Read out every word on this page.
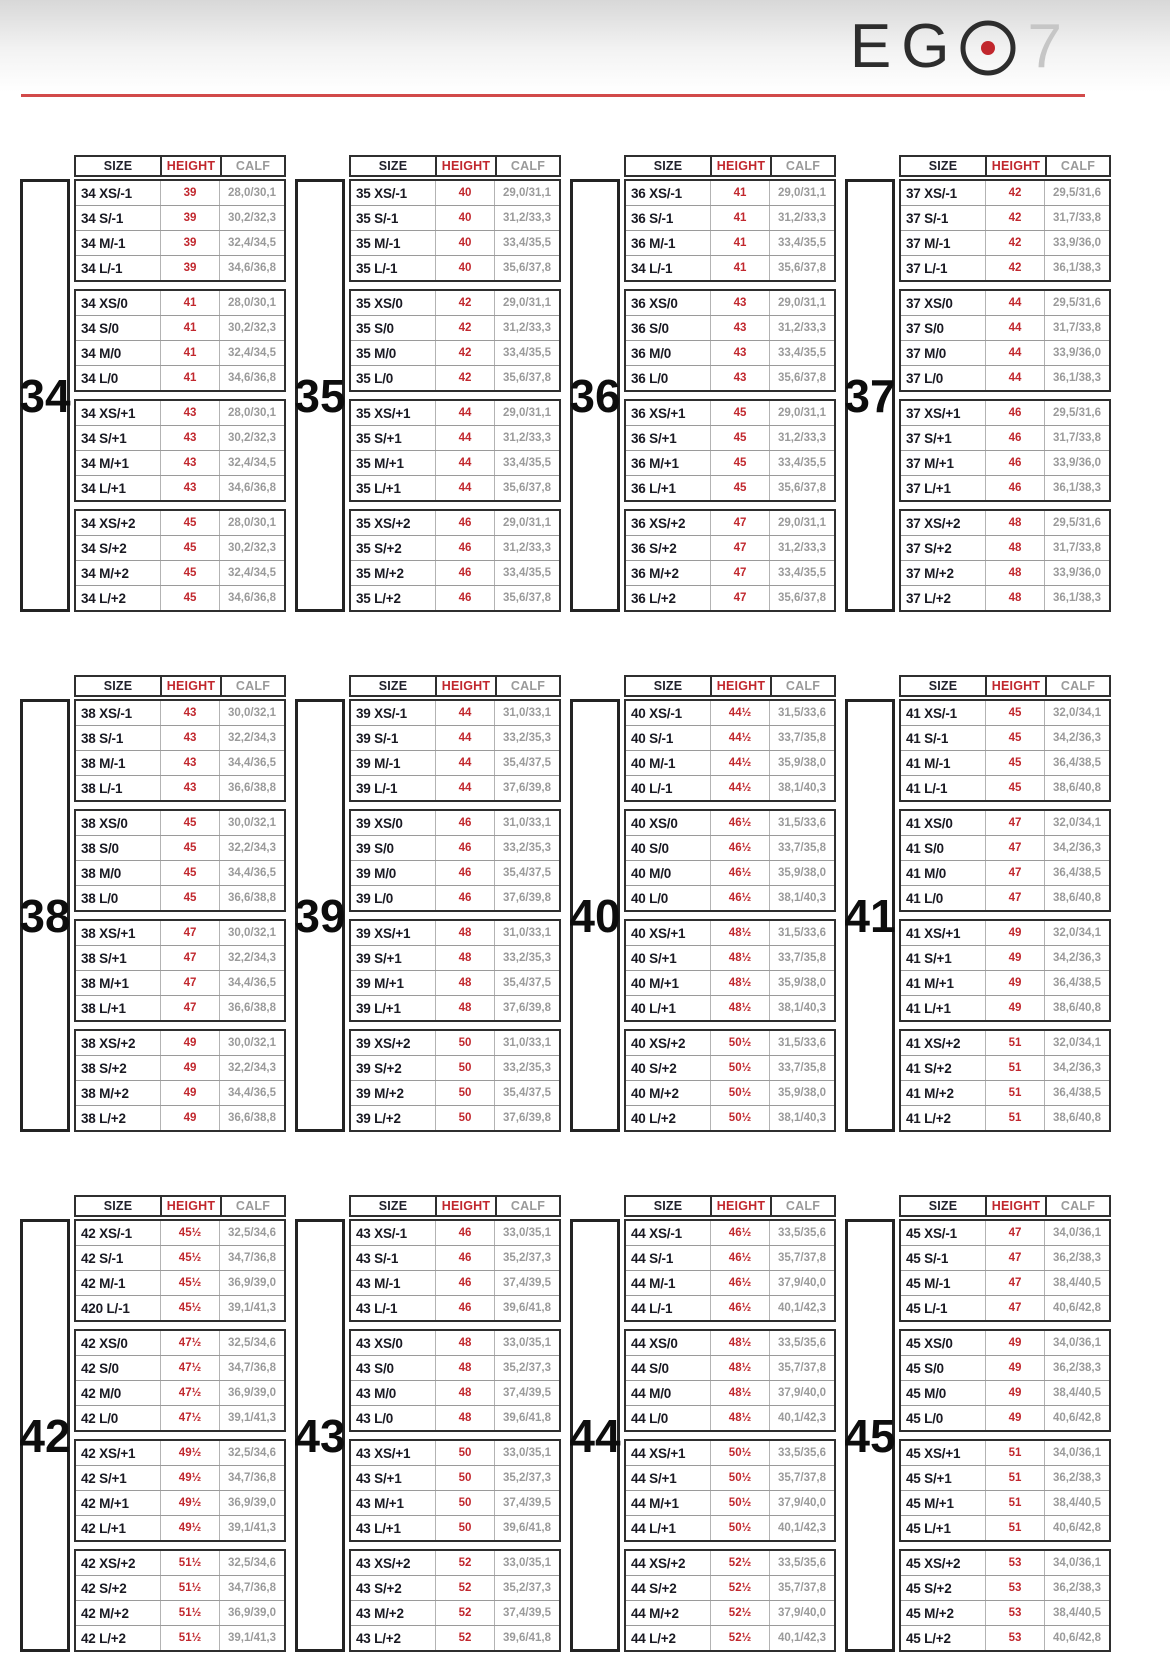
EG 7
34
SIZE	HEIGHT	CALF
34 XS/-1	39	28,0/30,1
34 S/-1	39	30,2/32,3
34 M/-1	39	32,4/34,5
34 L/-1	39	34,6/36,8
34 XS/0	41	28,0/30,1
34 S/0	41	30,2/32,3
34 M/0	41	32,4/34,5
34 L/0	41	34,6/36,8
34 XS/+1	43	28,0/30,1
34 S/+1	43	30,2/32,3
34 M/+1	43	32,4/34,5
34 L/+1	43	34,6/36,8
34 XS/+2	45	28,0/30,1
34 S/+2	45	30,2/32,3
34 M/+2	45	32,4/34,5
34 L/+2	45	34,6/36,8
35
SIZE	HEIGHT	CALF
35 XS/-1	40	29,0/31,1
35 S/-1	40	31,2/33,3
35 M/-1	40	33,4/35,5
35 L/-1	40	35,6/37,8
35 XS/0	42	29,0/31,1
35 S/0	42	31,2/33,3
35 M/0	42	33,4/35,5
35 L/0	42	35,6/37,8
35 XS/+1	44	29,0/31,1
35 S/+1	44	31,2/33,3
35 M/+1	44	33,4/35,5
35 L/+1	44	35,6/37,8
35 XS/+2	46	29,0/31,1
35 S/+2	46	31,2/33,3
35 M/+2	46	33,4/35,5
35 L/+2	46	35,6/37,8
36
SIZE	HEIGHT	CALF
36 XS/-1	41	29,0/31,1
36 S/-1	41	31,2/33,3
36 M/-1	41	33,4/35,5
34 L/-1	41	35,6/37,8
36 XS/0	43	29,0/31,1
36 S/0	43	31,2/33,3
36 M/0	43	33,4/35,5
36 L/0	43	35,6/37,8
36 XS/+1	45	29,0/31,1
36 S/+1	45	31,2/33,3
36 M/+1	45	33,4/35,5
36 L/+1	45	35,6/37,8
36 XS/+2	47	29,0/31,1
36 S/+2	47	31,2/33,3
36 M/+2	47	33,4/35,5
36 L/+2	47	35,6/37,8
37
SIZE	HEIGHT	CALF
37 XS/-1	42	29,5/31,6
37 S/-1	42	31,7/33,8
37 M/-1	42	33,9/36,0
37 L/-1	42	36,1/38,3
37 XS/0	44	29,5/31,6
37 S/0	44	31,7/33,8
37 M/0	44	33,9/36,0
37 L/0	44	36,1/38,3
37 XS/+1	46	29,5/31,6
37 S/+1	46	31,7/33,8
37 M/+1	46	33,9/36,0
37 L/+1	46	36,1/38,3
37 XS/+2	48	29,5/31,6
37 S/+2	48	31,7/33,8
37 M/+2	48	33,9/36,0
37 L/+2	48	36,1/38,3
38
SIZE	HEIGHT	CALF
38 XS/-1	43	30,0/32,1
38 S/-1	43	32,2/34,3
38 M/-1	43	34,4/36,5
38 L/-1	43	36,6/38,8
38 XS/0	45	30,0/32,1
38 S/0	45	32,2/34,3
38 M/0	45	34,4/36,5
38 L/0	45	36,6/38,8
38 XS/+1	47	30,0/32,1
38 S/+1	47	32,2/34,3
38 M/+1	47	34,4/36,5
38 L/+1	47	36,6/38,8
38 XS/+2	49	30,0/32,1
38 S/+2	49	32,2/34,3
38 M/+2	49	34,4/36,5
38 L/+2	49	36,6/38,8
39
SIZE	HEIGHT	CALF
39 XS/-1	44	31,0/33,1
39 S/-1	44	33,2/35,3
39 M/-1	44	35,4/37,5
39 L/-1	44	37,6/39,8
39 XS/0	46	31,0/33,1
39 S/0	46	33,2/35,3
39 M/0	46	35,4/37,5
39 L/0	46	37,6/39,8
39 XS/+1	48	31,0/33,1
39 S/+1	48	33,2/35,3
39 M/+1	48	35,4/37,5
39 L/+1	48	37,6/39,8
39 XS/+2	50	31,0/33,1
39 S/+2	50	33,2/35,3
39 M/+2	50	35,4/37,5
39 L/+2	50	37,6/39,8
40
SIZE	HEIGHT	CALF
40 XS/-1	44½	31,5/33,6
40 S/-1	44½	33,7/35,8
40 M/-1	44½	35,9/38,0
40 L/-1	44½	38,1/40,3
40 XS/0	46½	31,5/33,6
40 S/0	46½	33,7/35,8
40 M/0	46½	35,9/38,0
40 L/0	46½	38,1/40,3
40 XS/+1	48½	31,5/33,6
40 S/+1	48½	33,7/35,8
40 M/+1	48½	35,9/38,0
40 L/+1	48½	38,1/40,3
40 XS/+2	50½	31,5/33,6
40 S/+2	50½	33,7/35,8
40 M/+2	50½	35,9/38,0
40 L/+2	50½	38,1/40,3
41
SIZE	HEIGHT	CALF
41 XS/-1	45	32,0/34,1
41 S/-1	45	34,2/36,3
41 M/-1	45	36,4/38,5
41 L/-1	45	38,6/40,8
41 XS/0	47	32,0/34,1
41 S/0	47	34,2/36,3
41 M/0	47	36,4/38,5
41 L/0	47	38,6/40,8
41 XS/+1	49	32,0/34,1
41 S/+1	49	34,2/36,3
41 M/+1	49	36,4/38,5
41 L/+1	49	38,6/40,8
41 XS/+2	51	32,0/34,1
41 S/+2	51	34,2/36,3
41 M/+2	51	36,4/38,5
41 L/+2	51	38,6/40,8
42
SIZE	HEIGHT	CALF
42 XS/-1	45½	32,5/34,6
42 S/-1	45½	34,7/36,8
42 M/-1	45½	36,9/39,0
420 L/-1	45½	39,1/41,3
42 XS/0	47½	32,5/34,6
42 S/0	47½	34,7/36,8
42 M/0	47½	36,9/39,0
42 L/0	47½	39,1/41,3
42 XS/+1	49½	32,5/34,6
42 S/+1	49½	34,7/36,8
42 M/+1	49½	36,9/39,0
42 L/+1	49½	39,1/41,3
42 XS/+2	51½	32,5/34,6
42 S/+2	51½	34,7/36,8
42 M/+2	51½	36,9/39,0
42 L/+2	51½	39,1/41,3
43
SIZE	HEIGHT	CALF
43 XS/-1	46	33,0/35,1
43 S/-1	46	35,2/37,3
43 M/-1	46	37,4/39,5
43 L/-1	46	39,6/41,8
43 XS/0	48	33,0/35,1
43 S/0	48	35,2/37,3
43 M/0	48	37,4/39,5
43 L/0	48	39,6/41,8
43 XS/+1	50	33,0/35,1
43 S/+1	50	35,2/37,3
43 M/+1	50	37,4/39,5
43 L/+1	50	39,6/41,8
43 XS/+2	52	33,0/35,1
43 S/+2	52	35,2/37,3
43 M/+2	52	37,4/39,5
43 L/+2	52	39,6/41,8
44
SIZE	HEIGHT	CALF
44 XS/-1	46½	33,5/35,6
44 S/-1	46½	35,7/37,8
44 M/-1	46½	37,9/40,0
44 L/-1	46½	40,1/42,3
44 XS/0	48½	33,5/35,6
44 S/0	48½	35,7/37,8
44 M/0	48½	37,9/40,0
44 L/0	48½	40,1/42,3
44 XS/+1	50½	33,5/35,6
44 S/+1	50½	35,7/37,8
44 M/+1	50½	37,9/40,0
44 L/+1	50½	40,1/42,3
44 XS/+2	52½	33,5/35,6
44 S/+2	52½	35,7/37,8
44 M/+2	52½	37,9/40,0
44 L/+2	52½	40,1/42,3
45
SIZE	HEIGHT	CALF
45 XS/-1	47	34,0/36,1
45 S/-1	47	36,2/38,3
45 M/-1	47	38,4/40,5
45 L/-1	47	40,6/42,8
45 XS/0	49	34,0/36,1
45 S/0	49	36,2/38,3
45 M/0	49	38,4/40,5
45 L/0	49	40,6/42,8
45 XS/+1	51	34,0/36,1
45 S/+1	51	36,2/38,3
45 M/+1	51	38,4/40,5
45 L/+1	51	40,6/42,8
45 XS/+2	53	34,0/36,1
45 S/+2	53	36,2/38,3
45 M/+2	53	38,4/40,5
45 L/+2	53	40,6/42,8
